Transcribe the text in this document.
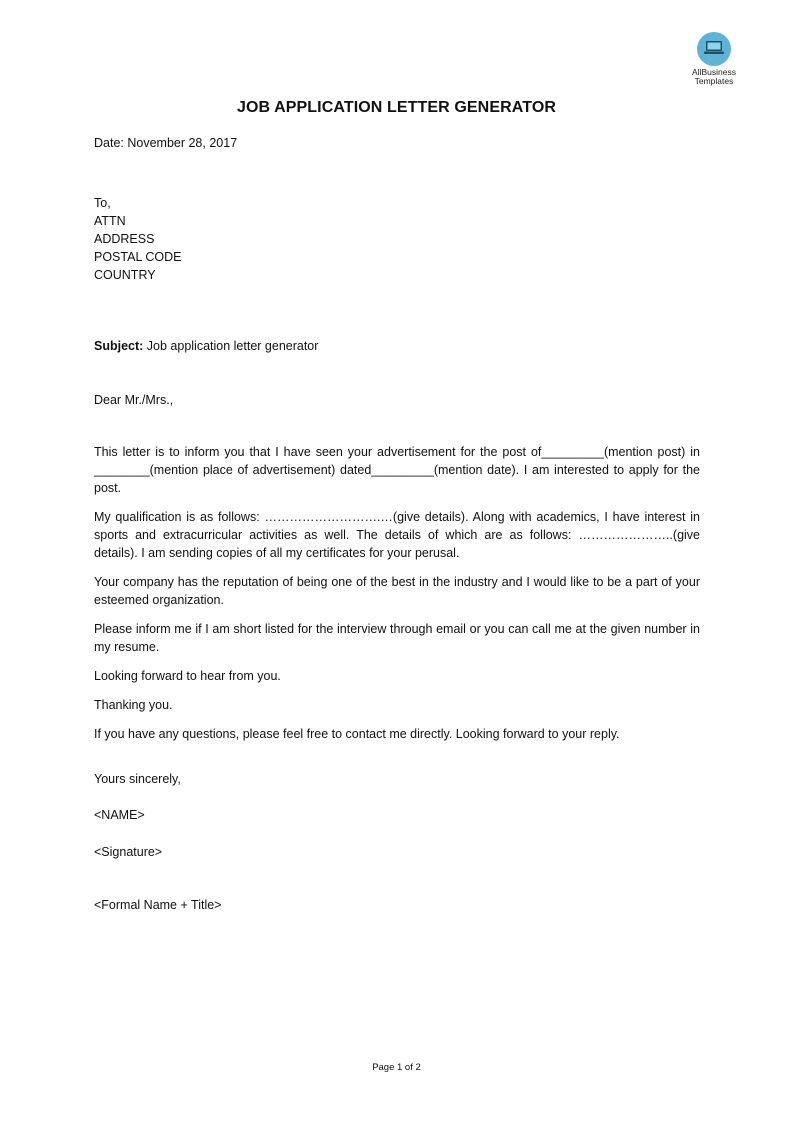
AllBusiness
Templates
JOB APPLICATION LETTER GENERATOR
Date: November 28, 2017
To,
ATTN
ADDRESS
POSTAL CODE
COUNTRY
Subject: Job application letter generator
Dear Mr./Mrs.,

This letter is to inform you that I have seen your advertisement for the post of_________(mention post) in ________(mention place of advertisement) dated_________(mention date). I am interested to apply for the post.

My qualification is as follows: ……………………….…(give details). Along with academics, I have interest in sports and extracurricular activities as well. The details of which are as follows: …………………..(give details). I am sending copies of all my certificates for your perusal.

Your company has the reputation of being one of the best in the industry and I would like to be a part of your esteemed organization.

Please inform me if I am short listed for the interview through email or you can call me at the given number in my resume.

Looking forward to hear from you.

Thanking you.

If you have any questions, please feel free to contact me directly. Looking forward to your reply.

Yours sincerely,
<NAME>
<Signature>
<Formal Name + Title>
Page 1 of 2
